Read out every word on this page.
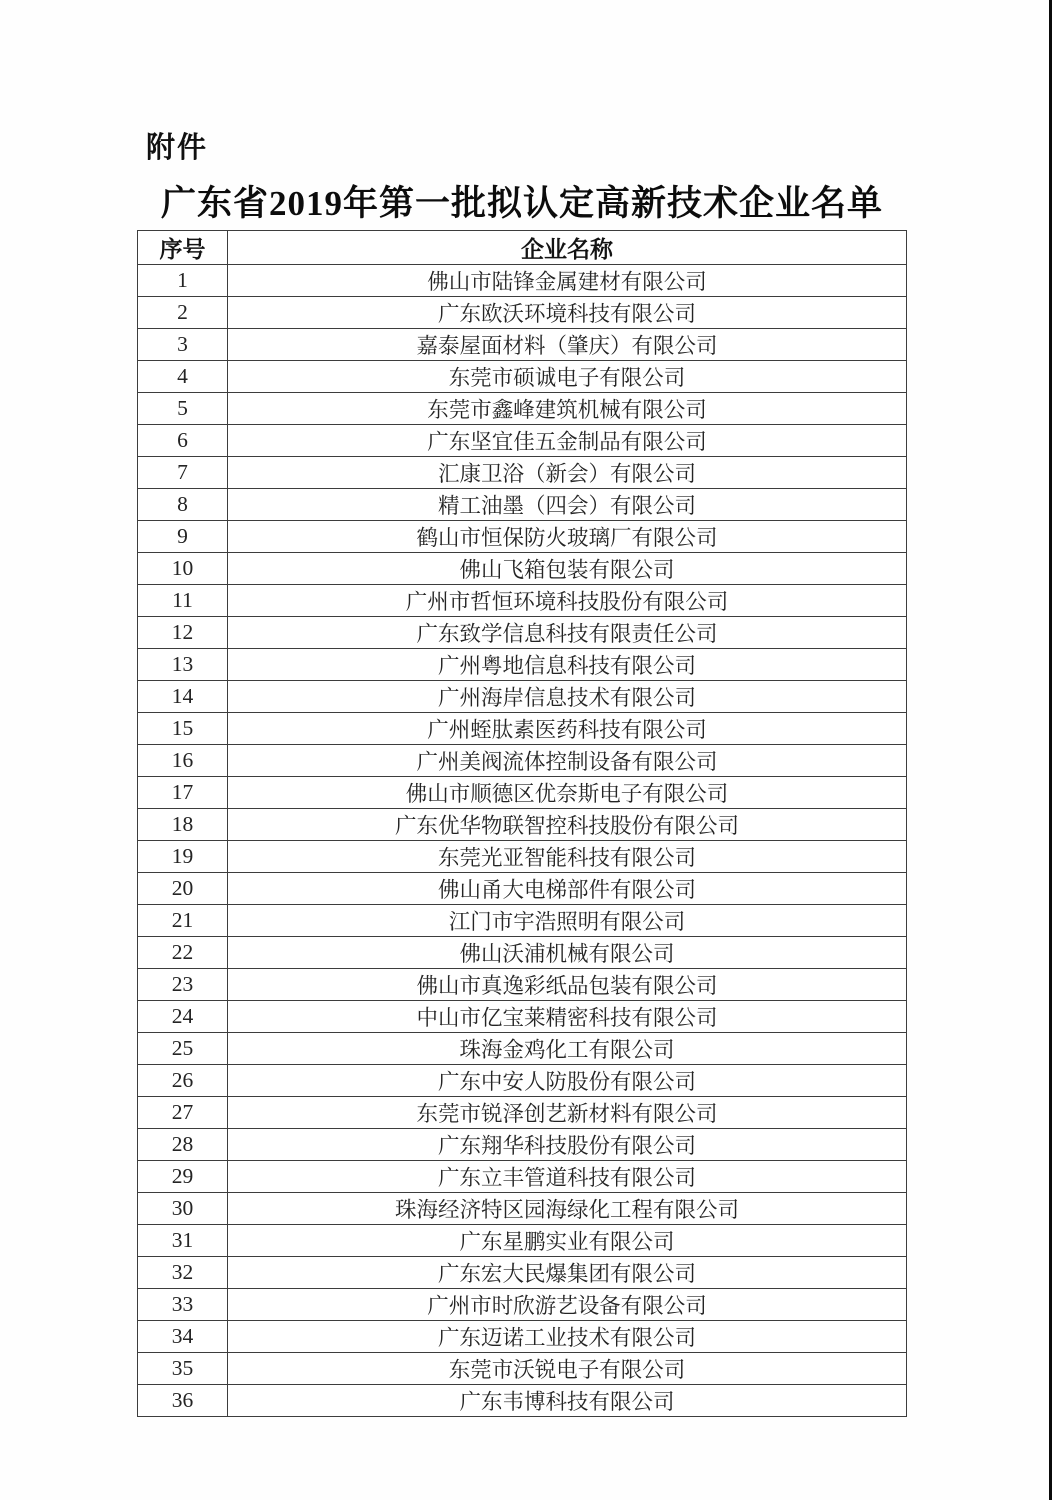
附件
广东省2019年第一批拟认定高新技术企业名单
序号	企业名称
1	佛山市陆锋金属建材有限公司
2	广东欧沃环境科技有限公司
3	嘉泰屋面材料（肇庆）有限公司
4	东莞市硕诚电子有限公司
5	东莞市鑫峰建筑机械有限公司
6	广东坚宜佳五金制品有限公司
7	汇康卫浴（新会）有限公司
8	精工油墨（四会）有限公司
9	鹤山市恒保防火玻璃厂有限公司
10	佛山飞箱包装有限公司
11	广州市哲恒环境科技股份有限公司
12	广东致学信息科技有限责任公司
13	广州粤地信息科技有限公司
14	广州海岸信息技术有限公司
15	广州蛭肽素医药科技有限公司
16	广州美阀流体控制设备有限公司
17	佛山市顺德区优奈斯电子有限公司
18	广东优华物联智控科技股份有限公司
19	东莞光亚智能科技有限公司
20	佛山甬大电梯部件有限公司
21	江门市宇浩照明有限公司
22	佛山沃浦机械有限公司
23	佛山市真逸彩纸品包装有限公司
24	中山市亿宝莱精密科技有限公司
25	珠海金鸡化工有限公司
26	广东中安人防股份有限公司
27	东莞市锐泽创艺新材料有限公司
28	广东翔华科技股份有限公司
29	广东立丰管道科技有限公司
30	珠海经济特区园海绿化工程有限公司
31	广东星鹏实业有限公司
32	广东宏大民爆集团有限公司
33	广州市时欣游艺设备有限公司
34	广东迈诺工业技术有限公司
35	东莞市沃锐电子有限公司
36	广东韦博科技有限公司
